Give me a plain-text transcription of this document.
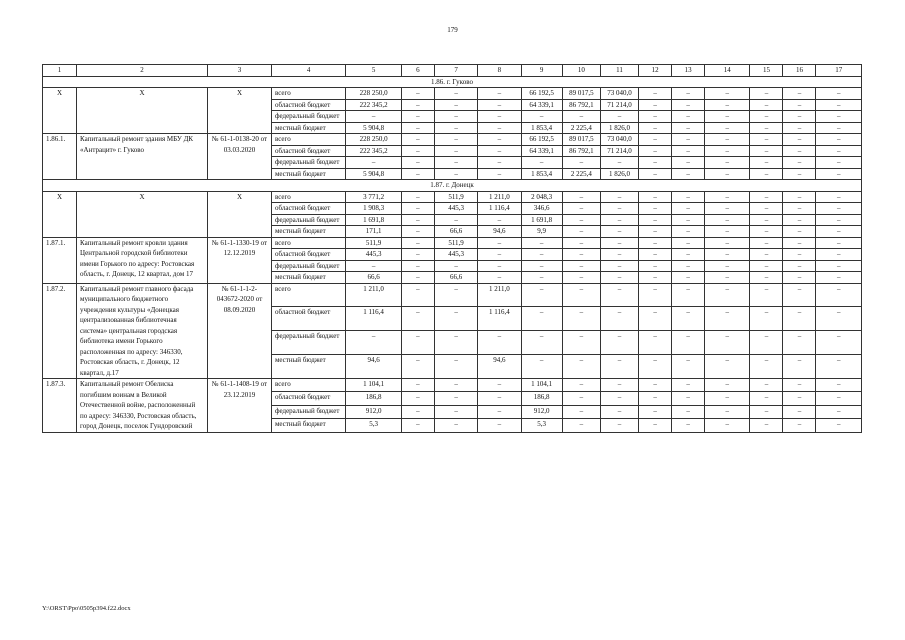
179
1	2	3	4	5	6	7	8	9	10	11	12	13	14	15	16	17
1.86. г. Гуково																
X	X	X	всего	228 250,0	–	–	–	66 192,5	89 017,5	73 040,0	–	–	–	–	–	–
			областной бюджет	222 345,2	–	–	–	64 339,1	86 792,1	71 214,0	–	–	–	–	–	–
			федеральный бюджет	–	–	–	–	–	–	–	–	–	–	–	–	–
			местный бюджет	5 904,8	–	–	–	1 853,4	2 225,4	1 826,0	–	–	–	–	–	–
1.86.1.	Капитальный ремонт здания МБУ ДК «Антрацит» г. Гуково	№ 61-1-0138-20 от 03.03.2020	всего	228 250,0	–	–	–	66 192,5	89 017,5	73 040,0	–	–	–	–	–	–
			областной бюджет	222 345,2	–	–	–	64 339,1	86 792,1	71 214,0	–	–	–	–	–	–
			федеральный бюджет	–	–	–	–	–	–	–	–	–	–	–	–	–
			местный бюджет	5 904,8	–	–	–	1 853,4	2 225,4	1 826,0	–	–	–	–	–	–
1.87. г. Донецк																
X	X	X	всего	3 771,2	–	511,9	1 211,0	2 048,3	–	–	–	–	–	–	–	–
			областной бюджет	1 908,3	–	445,3	1 116,4	346,6	–	–	–	–	–	–	–	–
			федеральный бюджет	1 691,8	–	–	–	1 691,8	–	–	–	–	–	–	–	–
			местный бюджет	171,1	–	66,6	94,6	9,9	–	–	–	–	–	–	–	–
1.87.1.	Капитальный ремонт кровли здания Центральной городской библиотеки имени Горького по адресу: Ростовская область, г. Донецк, 12 квартал, дом 17	№ 61-1-1330-19 от 12.12.2019	всего	511,9	–	511,9	–	–	–	–	–	–	–	–	–	–
			областной бюджет	445,3	–	445,3	–	–	–	–	–	–	–	–	–	–
			федеральный бюджет	–	–	–	–	–	–	–	–	–	–	–	–	–
			местный бюджет	66,6	–	66,6	–	–	–	–	–	–	–	–	–	–
1.87.2.	Капитальный ремонт главного фасада муниципального бюджетного учреждения культуры «Донецкая централизованная библиотечная система» центральная городская библиотека имени Горького расположенная по адресу: 346330, Ростовская область, г. Донецк, 12 квартал, д.17	№ 61-1-1-2-043672-2020 от 08.09.2020	всего	1 211,0	–	–	1 211,0	–	–	–	–	–	–	–	–	–
			областной бюджет	1 116,4	–	–	1 116,4	–	–	–	–	–	–	–	–	–
			федеральный бюджет	–	–	–	–	–	–	–	–	–	–	–	–	–
			местный бюджет	94,6	–	–	94,6	–	–	–	–	–	–	–	–	–
1.87.3.	Капитальный ремонт Обелиска погибшим воинам в Великой Отечественной войне, расположенный по адресу: 346330, Ростовская область, город Донецк, поселок Гундоровский	№ 61-1-1408-19 от 23.12.2019	всего	1 104,1	–	–	–	1 104,1	–	–	–	–	–	–	–	–
			областной бюджет	186,8	–	–	–	186,8	–	–	–	–	–	–	–	–
			федеральный бюджет	912,0	–	–	–	912,0	–	–	–	–	–	–	–	–
			местный бюджет	5,3	–	–	–	5,3	–	–	–	–	–	–	–	–
Y:\ORST\Ppo\0505p394.f22.docx
